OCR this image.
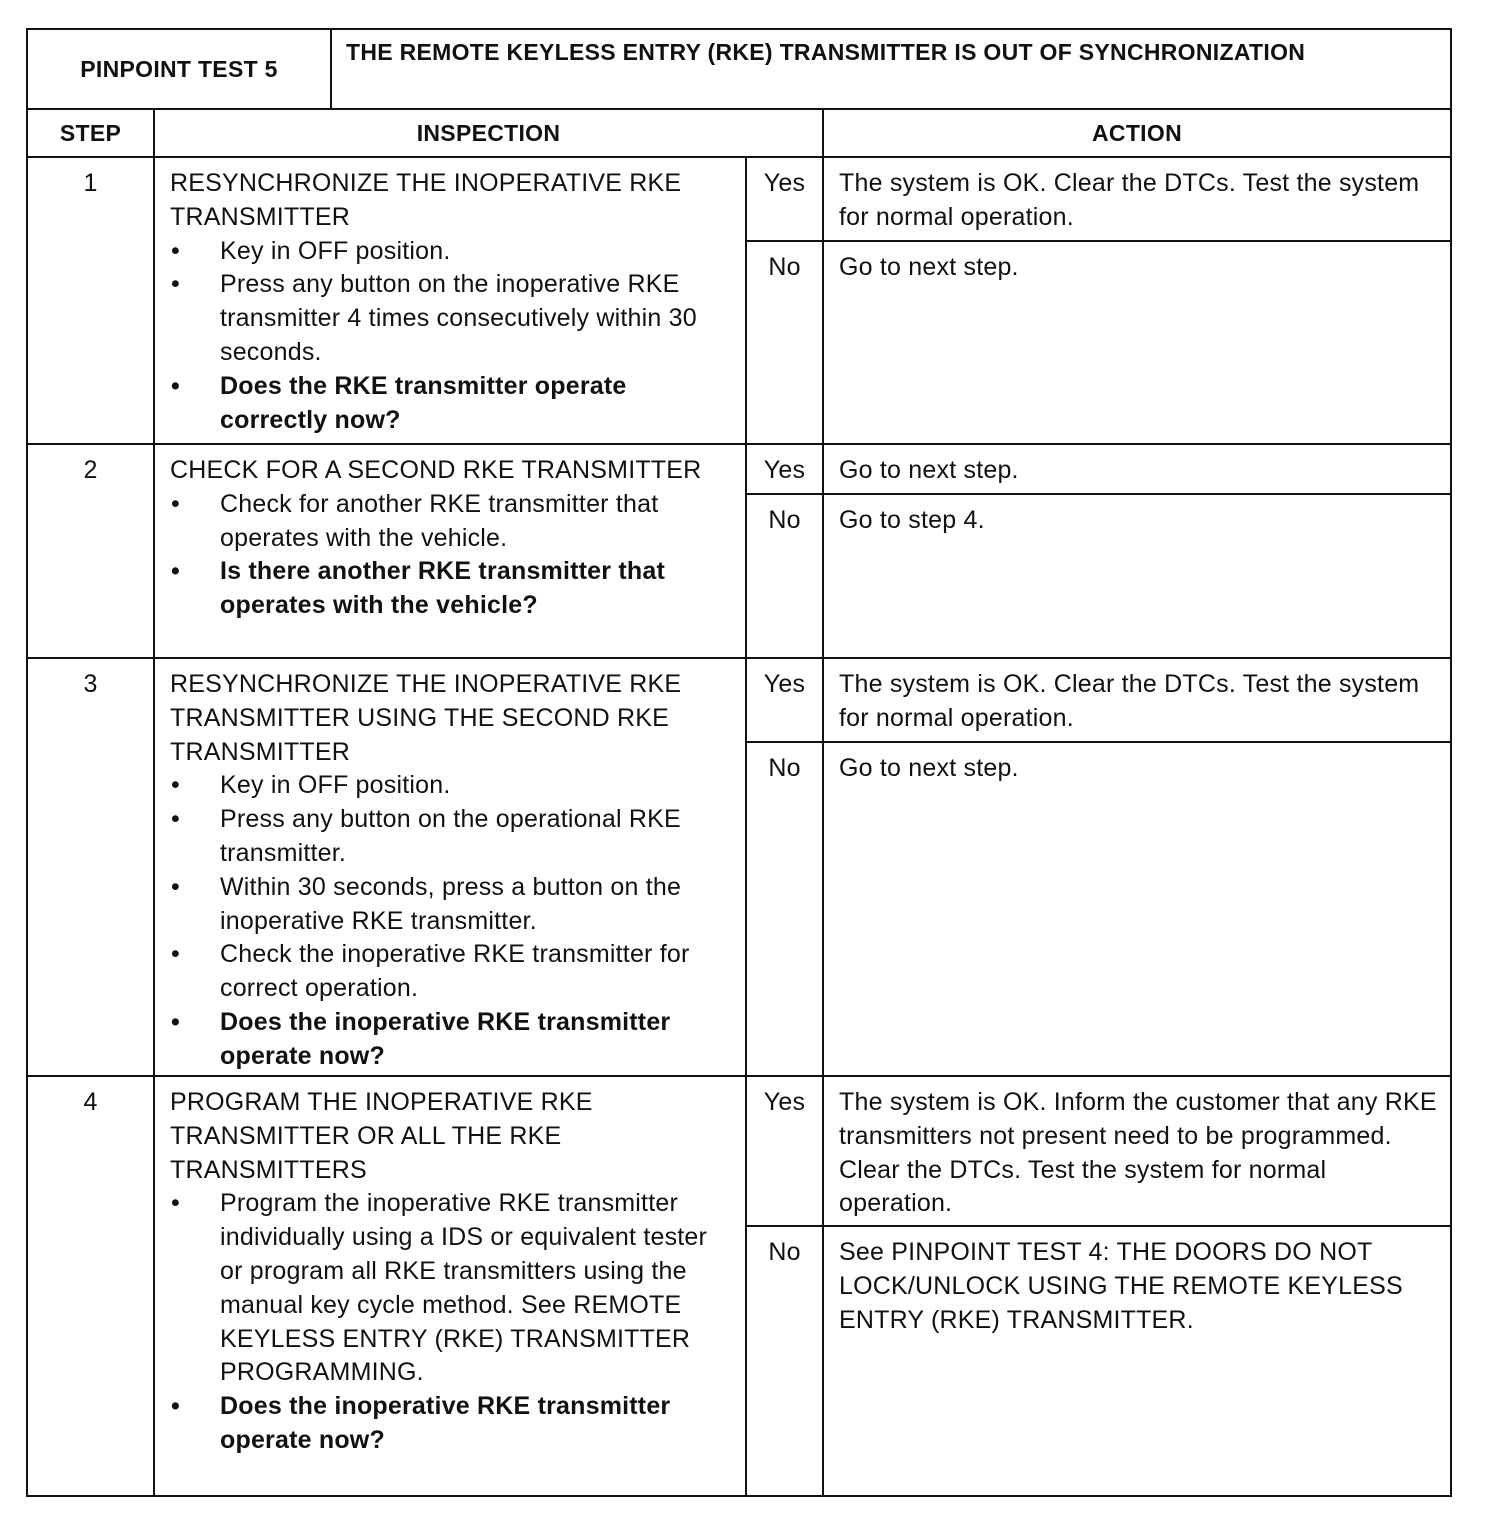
PINPOINT TEST 5
THE REMOTE KEYLESS ENTRY (RKE) TRANSMITTER IS OUT OF SYNCHRONIZATION
STEP	INSPECTION	ACTION
1	RESYNCHRONIZE THE INOPERATIVE RKE TRANSMITTER
• Key in OFF position.
• Press any button on the inoperative RKE transmitter 4 times consecutively within 30 seconds.
• Does the RKE transmitter operate correctly now?
Yes	The system is OK. Clear the DTCs. Test the system for normal operation.
No	Go to next step.
2	CHECK FOR A SECOND RKE TRANSMITTER
• Check for another RKE transmitter that operates with the vehicle.
• Is there another RKE transmitter that operates with the vehicle?
Yes	Go to next step.
No	Go to step 4.
3	RESYNCHRONIZE THE INOPERATIVE RKE TRANSMITTER USING THE SECOND RKE TRANSMITTER
• Key in OFF position.
• Press any button on the operational RKE transmitter.
• Within 30 seconds, press a button on the inoperative RKE transmitter.
• Check the inoperative RKE transmitter for correct operation.
• Does the inoperative RKE transmitter operate now?
Yes	The system is OK. Clear the DTCs. Test the system for normal operation.
No	Go to next step.
4	PROGRAM THE INOPERATIVE RKE TRANSMITTER OR ALL THE RKE TRANSMITTERS
• Program the inoperative RKE transmitter individually using a IDS or equivalent tester or program all RKE transmitters using the manual key cycle method. See REMOTE KEYLESS ENTRY (RKE) TRANSMITTER PROGRAMMING.
• Does the inoperative RKE transmitter operate now?
Yes	The system is OK. Inform the customer that any RKE transmitters not present need to be programmed. Clear the DTCs. Test the system for normal operation.
No	See PINPOINT TEST 4: THE DOORS DO NOT LOCK/UNLOCK USING THE REMOTE KEYLESS ENTRY (RKE) TRANSMITTER.
